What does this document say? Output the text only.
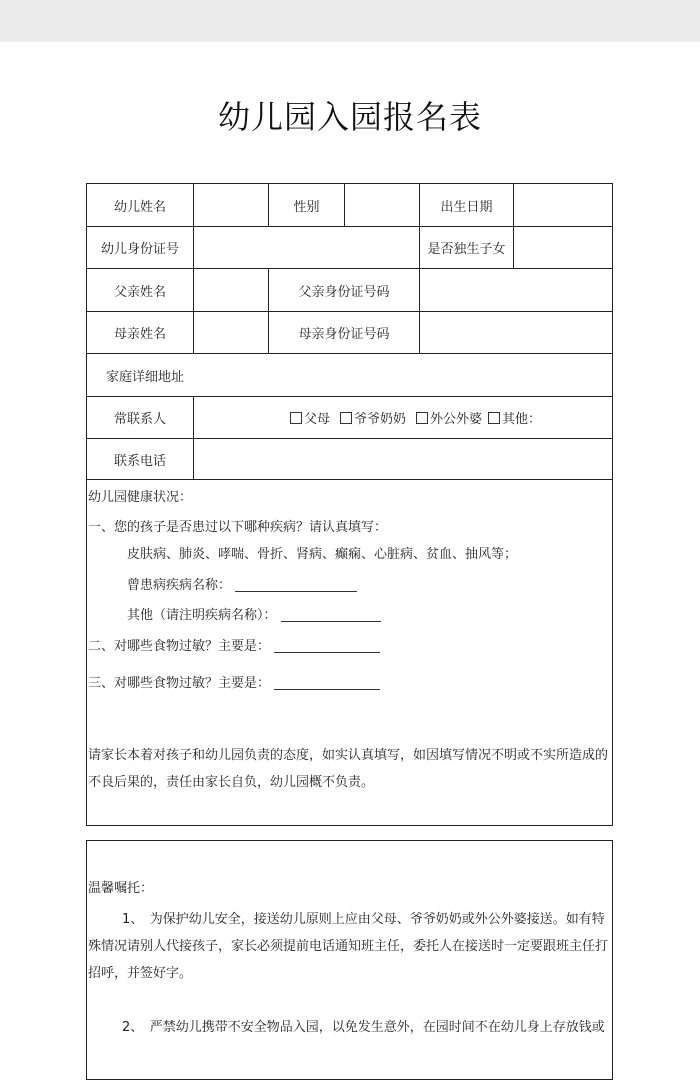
幼儿园入园报名表
幼儿姓名	性别	出生日期
幼儿身份证号	是否独生子女
父亲姓名	父亲身份证号码
母亲姓名	母亲身份证号码
家庭详细地址
常联系人	父母	爷爷奶奶	外公外婆	其他：
联系电话
幼儿园健康状况：
一、您的孩子是否患过以下哪种疾病？请认真填写：
皮肤病、肺炎、哮喘、骨折、肾病、癫痫、心脏病、贫血、抽风等；
曾患病疾病名称：
其他（请注明疾病名称）：
二、对哪些食物过敏？主要是：
三、对哪些食物过敏？主要是：
请家长本着对孩子和幼儿园负责的态度，如实认真填写，如因填写情况不明或不实所造成的不良后果的，责任由家长自负，幼儿园概不负责。
温馨嘱托：
1、　为保护幼儿安全，接送幼儿原则上应由父母、爷爷奶奶或外公外婆接送。如有特殊情况请别人代接孩子，家长必须提前电话通知班主任，委托人在接送时一定要跟班主任打招呼，并签好字。
2、　严禁幼儿携带不安全物品入园，以免发生意外，在园时间不在幼儿身上存放钱或
